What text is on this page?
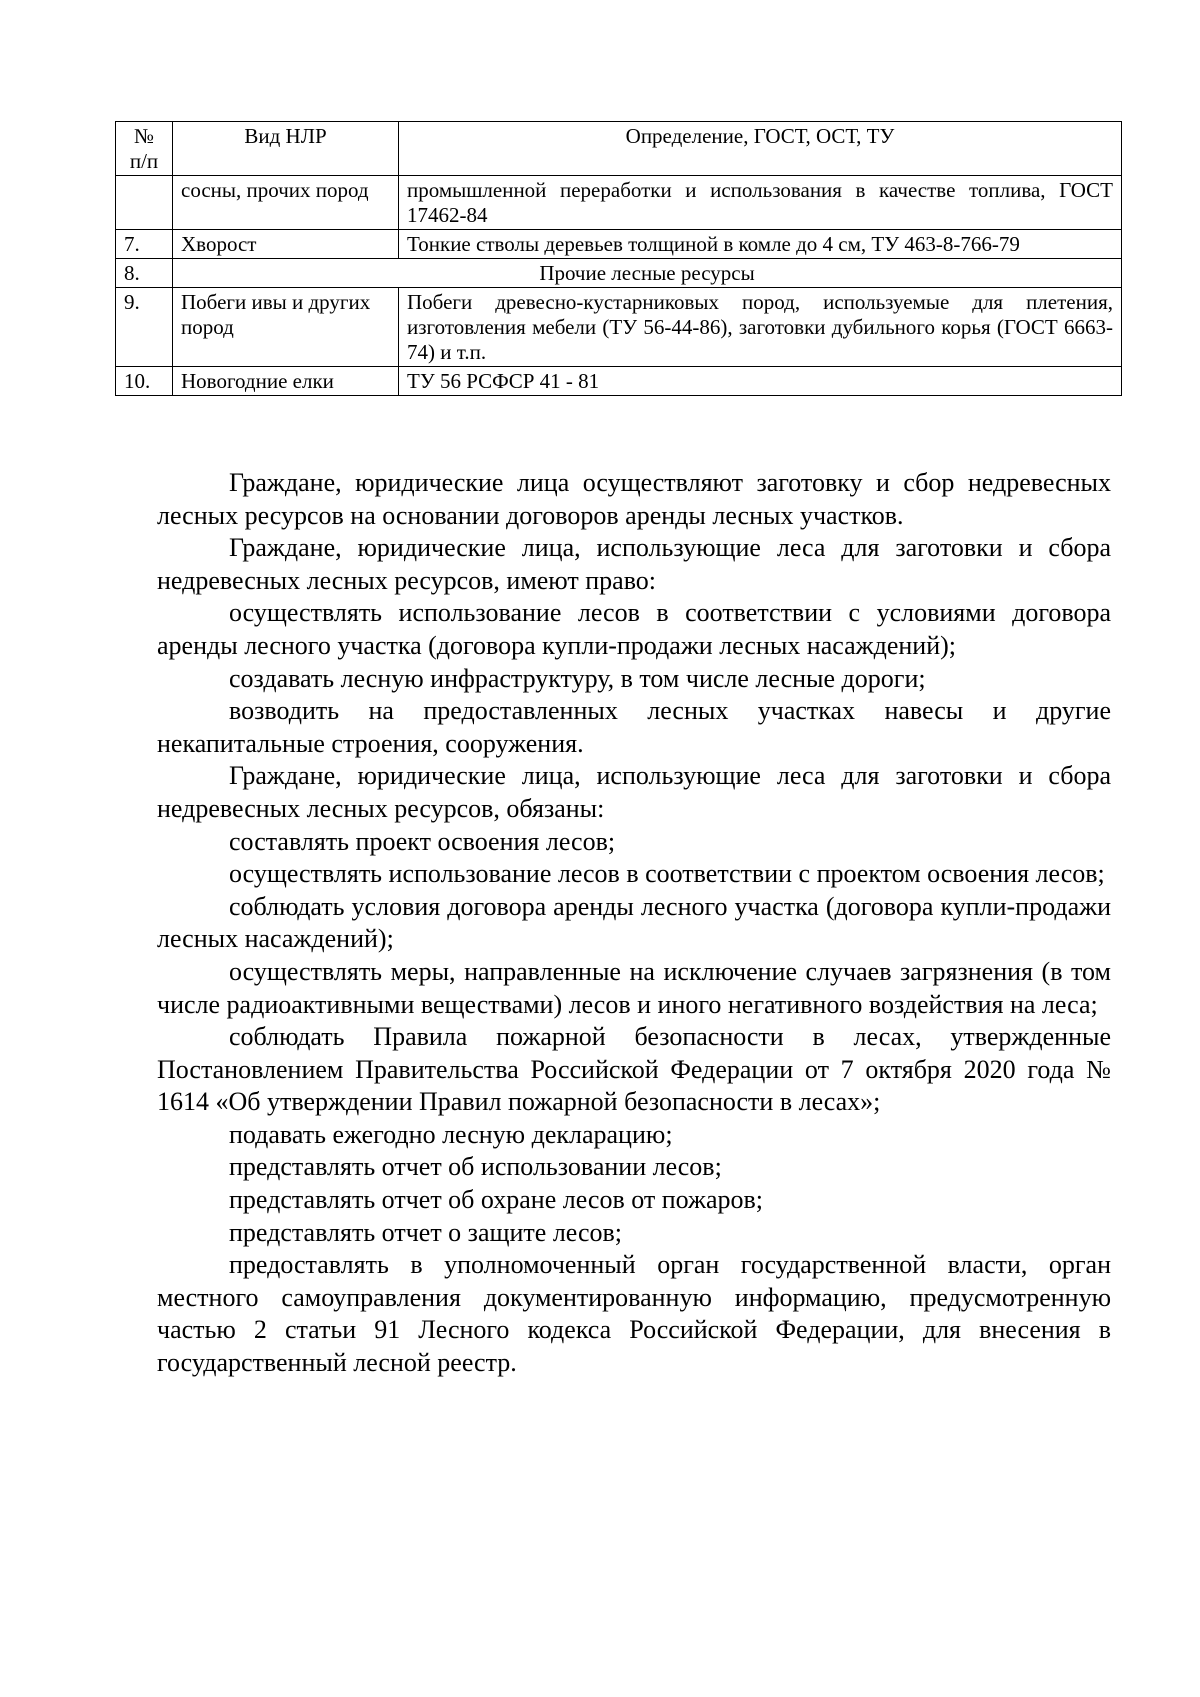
№ п/п	Вид НЛР	Определение, ГОСТ, ОСТ, ТУ
	сосны, прочих пород	промышленной переработки и использования в качестве топлива, ГОСТ 17462-84
7.	Хворост	Тонкие стволы деревьев толщиной в комле до 4 см, ТУ 463-8-766-79
8.	Прочие лесные ресурсы	
9.	Побеги ивы и других пород	Побеги древесно-кустарниковых пород, используемые для плетения, изготовления мебели (ТУ 56-44-86), заготовки дубильного корья (ГОСТ 6663-74) и т.п.
10.	Новогодние елки	ТУ 56 РСФСР 41 - 81

Граждане, юридические лица осуществляют заготовку и сбор недревесных лесных ресурсов на основании договоров аренды лесных участков.

Граждане, юридические лица, использующие леса для заготовки и сбора недревесных лесных ресурсов, имеют право:

осуществлять использование лесов в соответствии с условиями договора аренды лесного участка (договора купли-продажи лесных насаждений);

создавать лесную инфраструктуру, в том числе лесные дороги;

возводить на предоставленных лесных участках навесы и другие некапитальные строения, сооружения.

Граждане, юридические лица, использующие леса для заготовки и сбора недревесных лесных ресурсов, обязаны:

составлять проект освоения лесов;

осуществлять использование лесов в соответствии с проектом освоения лесов;

соблюдать условия договора аренды лесного участка (договора купли-продажи лесных насаждений);

осуществлять меры, направленные на исключение случаев загрязнения (в том числе радиоактивными веществами) лесов и иного негативного воздействия на леса;

соблюдать Правила пожарной безопасности в лесах, утвержденные Постановлением Правительства Российской Федерации от 7 октября 2020 года № 1614 «Об утверждении Правил пожарной безопасности в лесах»;

подавать ежегодно лесную декларацию;

представлять отчет об использовании лесов;

представлять отчет об охране лесов от пожаров;

представлять отчет о защите лесов;

предоставлять в уполномоченный орган государственной власти, орган местного самоуправления документированную информацию, предусмотренную частью 2 статьи 91 Лесного кодекса Российской Федерации, для внесения в государственный лесной реестр.
